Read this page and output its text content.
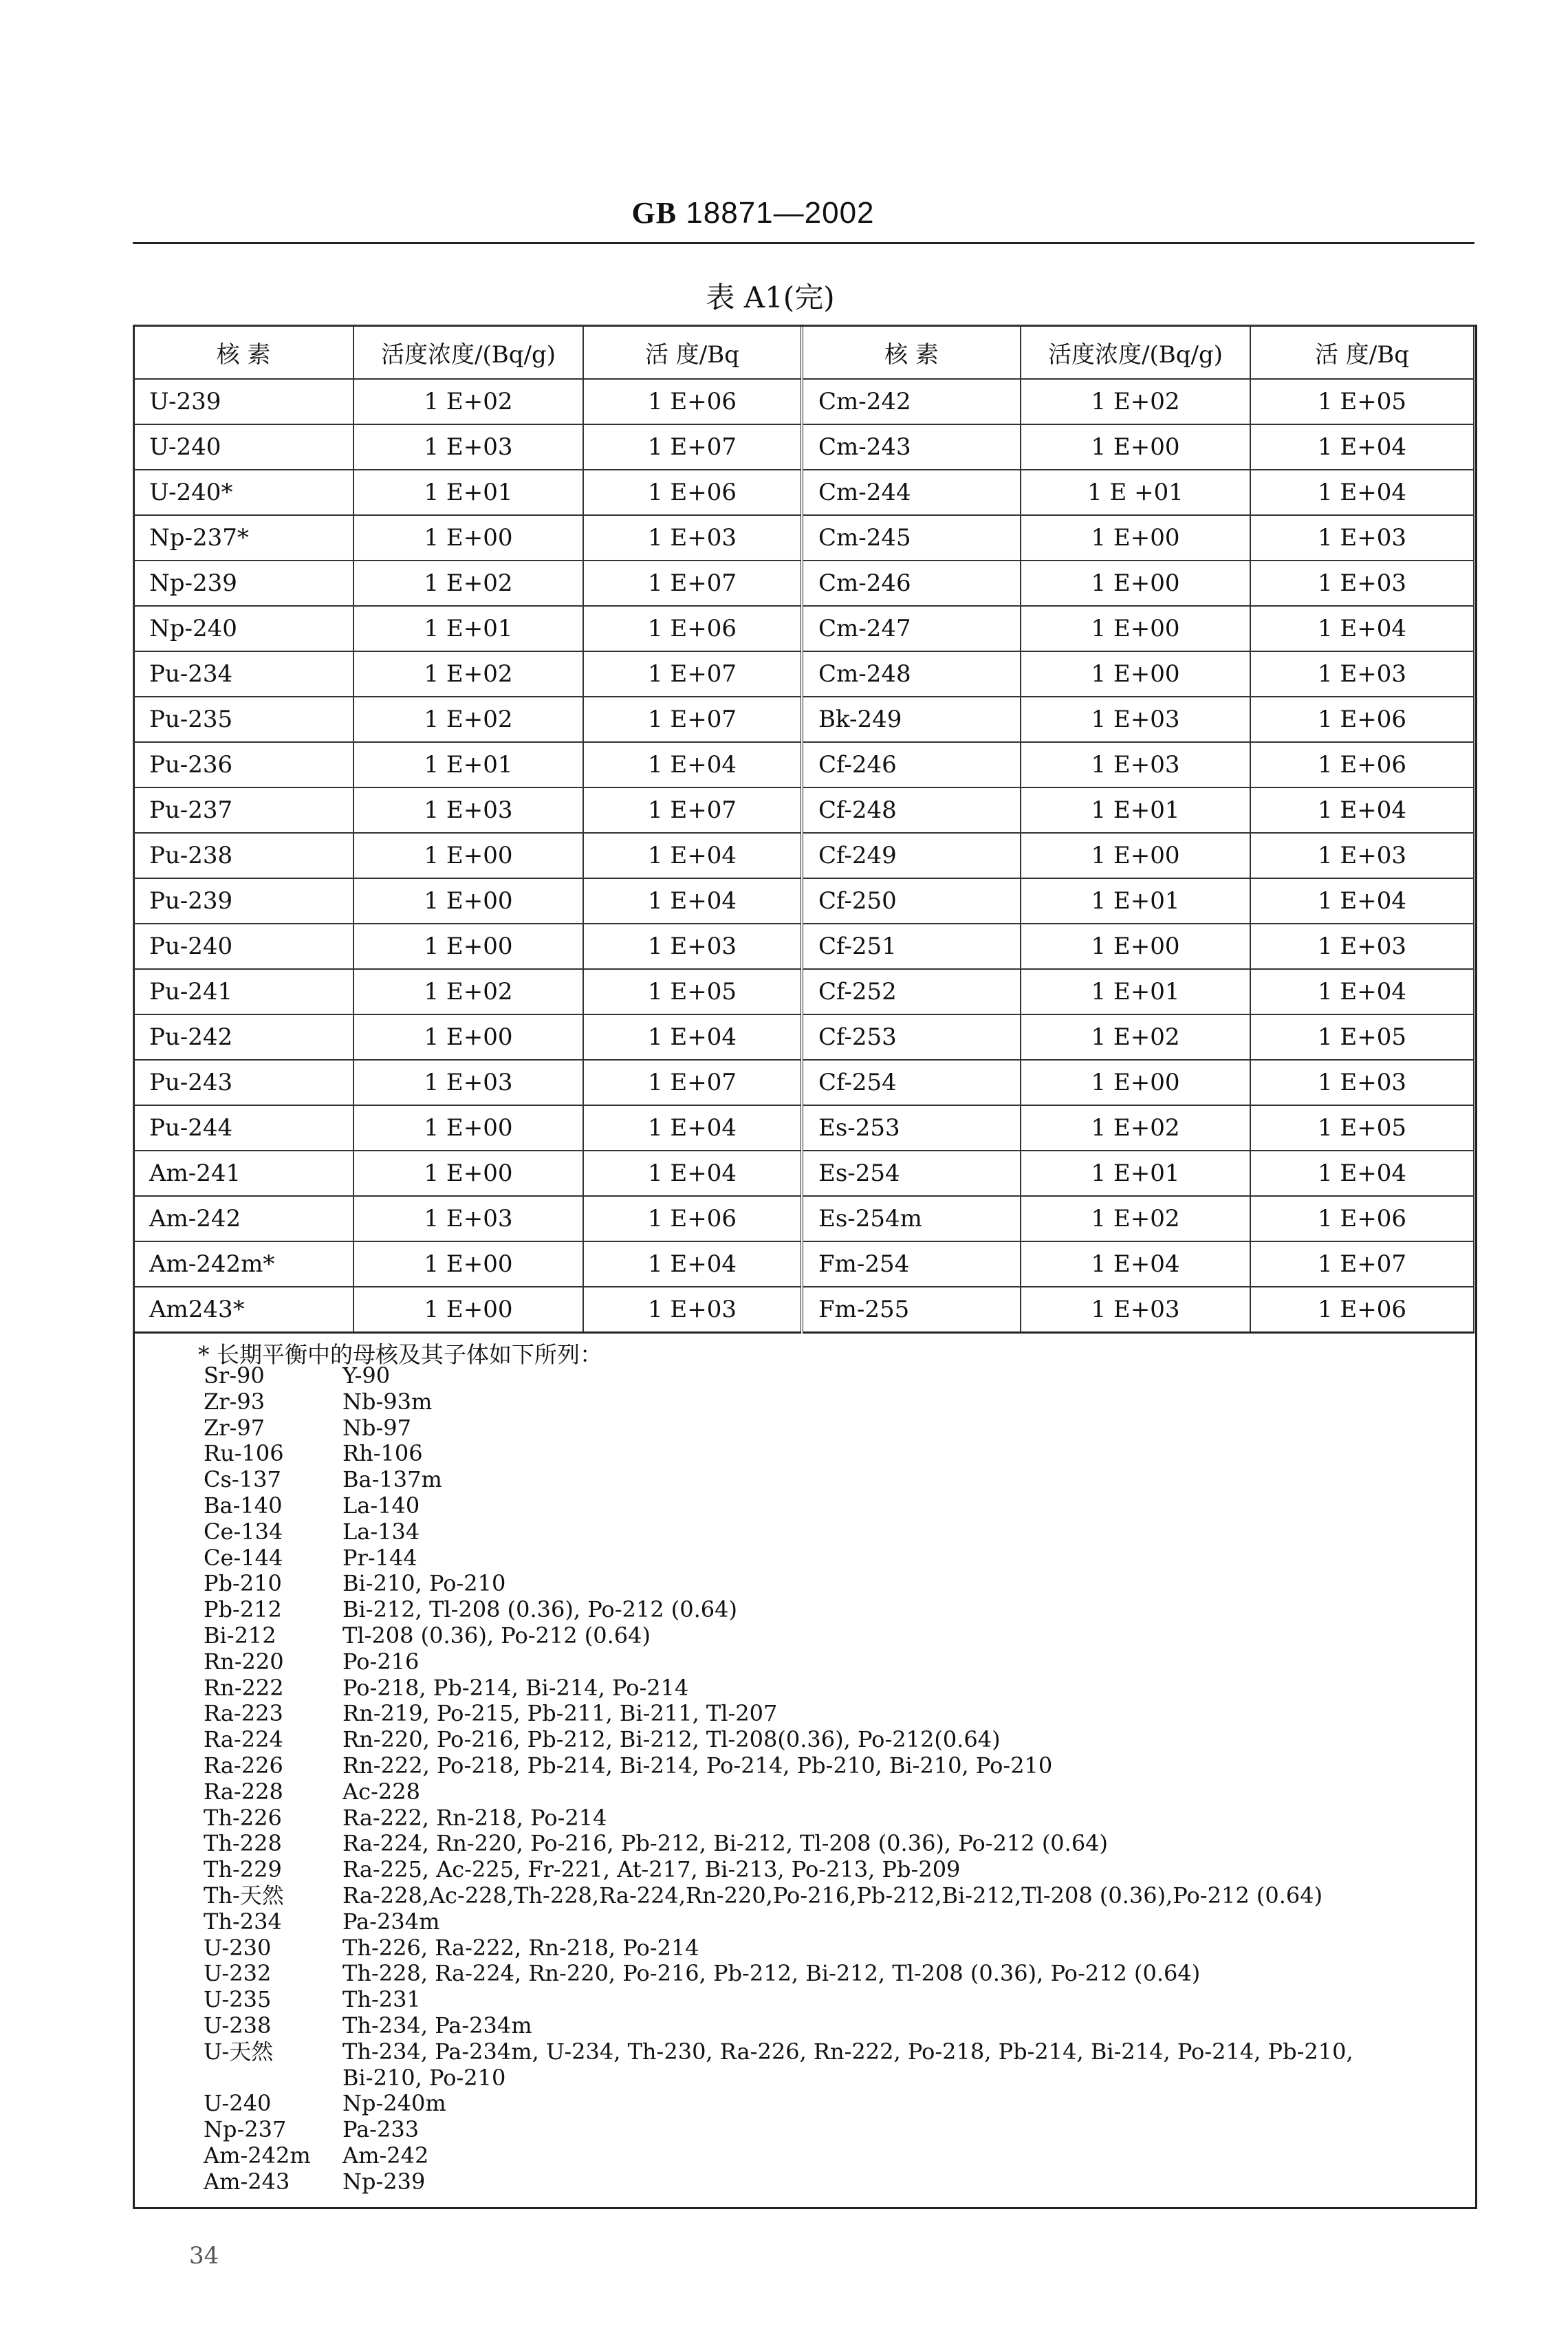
GB 18871—2002
表 A1(完)
核 素	活度浓度/(Bq/g)	活 度/Bq	核 素	活度浓度/(Bq/g)	活 度/Bq
U-239	1 E+02	1 E+06	Cm-242	1 E+02	1 E+05
U-240	1 E+03	1 E+07	Cm-243	1 E+00	1 E+04
U-240*	1 E+01	1 E+06	Cm-244	1 E +01	1 E+04
Np-237*	1 E+00	1 E+03	Cm-245	1 E+00	1 E+03
Np-239	1 E+02	1 E+07	Cm-246	1 E+00	1 E+03
Np-240	1 E+01	1 E+06	Cm-247	1 E+00	1 E+04
Pu-234	1 E+02	1 E+07	Cm-248	1 E+00	1 E+03
Pu-235	1 E+02	1 E+07	Bk-249	1 E+03	1 E+06
Pu-236	1 E+01	1 E+04	Cf-246	1 E+03	1 E+06
Pu-237	1 E+03	1 E+07	Cf-248	1 E+01	1 E+04
Pu-238	1 E+00	1 E+04	Cf-249	1 E+00	1 E+03
Pu-239	1 E+00	1 E+04	Cf-250	1 E+01	1 E+04
Pu-240	1 E+00	1 E+03	Cf-251	1 E+00	1 E+03
Pu-241	1 E+02	1 E+05	Cf-252	1 E+01	1 E+04
Pu-242	1 E+00	1 E+04	Cf-253	1 E+02	1 E+05
Pu-243	1 E+03	1 E+07	Cf-254	1 E+00	1 E+03
Pu-244	1 E+00	1 E+04	Es-253	1 E+02	1 E+05
Am-241	1 E+00	1 E+04	Es-254	1 E+01	1 E+04
Am-242	1 E+03	1 E+06	Es-254m	1 E+02	1 E+06
Am-242m*	1 E+00	1 E+04	Fm-254	1 E+04	1 E+07
Am243*	1 E+00	1 E+03	Fm-255	1 E+03	1 E+06
* 长期平衡中的母核及其子体如下所列：
Sr-90	Y-90
Zr-93	Nb-93m
Zr-97	Nb-97
Ru-106	Rh-106
Cs-137	Ba-137m
Ba-140	La-140
Ce-134	La-134
Ce-144	Pr-144
Pb-210	Bi-210, Po-210
Pb-212	Bi-212, Tl-208 (0.36), Po-212 (0.64)
Bi-212	Tl-208 (0.36), Po-212 (0.64)
Rn-220	Po-216
Rn-222	Po-218, Pb-214, Bi-214, Po-214
Ra-223	Rn-219, Po-215, Pb-211, Bi-211, Tl-207
Ra-224	Rn-220, Po-216, Pb-212, Bi-212, Tl-208(0.36), Po-212(0.64)
Ra-226	Rn-222, Po-218, Pb-214, Bi-214, Po-214, Pb-210, Bi-210, Po-210
Ra-228	Ac-228
Th-226	Ra-222, Rn-218, Po-214
Th-228	Ra-224, Rn-220, Po-216, Pb-212, Bi-212, Tl-208 (0.36), Po-212 (0.64)
Th-229	Ra-225, Ac-225, Fr-221, At-217, Bi-213, Po-213, Pb-209
Th-天然	Ra-228,Ac-228,Th-228,Ra-224,Rn-220,Po-216,Pb-212,Bi-212,Tl-208 (0.36),Po-212 (0.64)
Th-234	Pa-234m
U-230	Th-226, Ra-222, Rn-218, Po-214
U-232	Th-228, Ra-224, Rn-220, Po-216, Pb-212, Bi-212, Tl-208 (0.36), Po-212 (0.64)
U-235	Th-231
U-238	Th-234, Pa-234m
U-天然	Th-234, Pa-234m, U-234, Th-230, Ra-226, Rn-222, Po-218, Pb-214, Bi-214, Po-214, Pb-210,
Bi-210, Po-210
U-240	Np-240m
Np-237	Pa-233
Am-242m	Am-242
Am-243	Np-239
34
